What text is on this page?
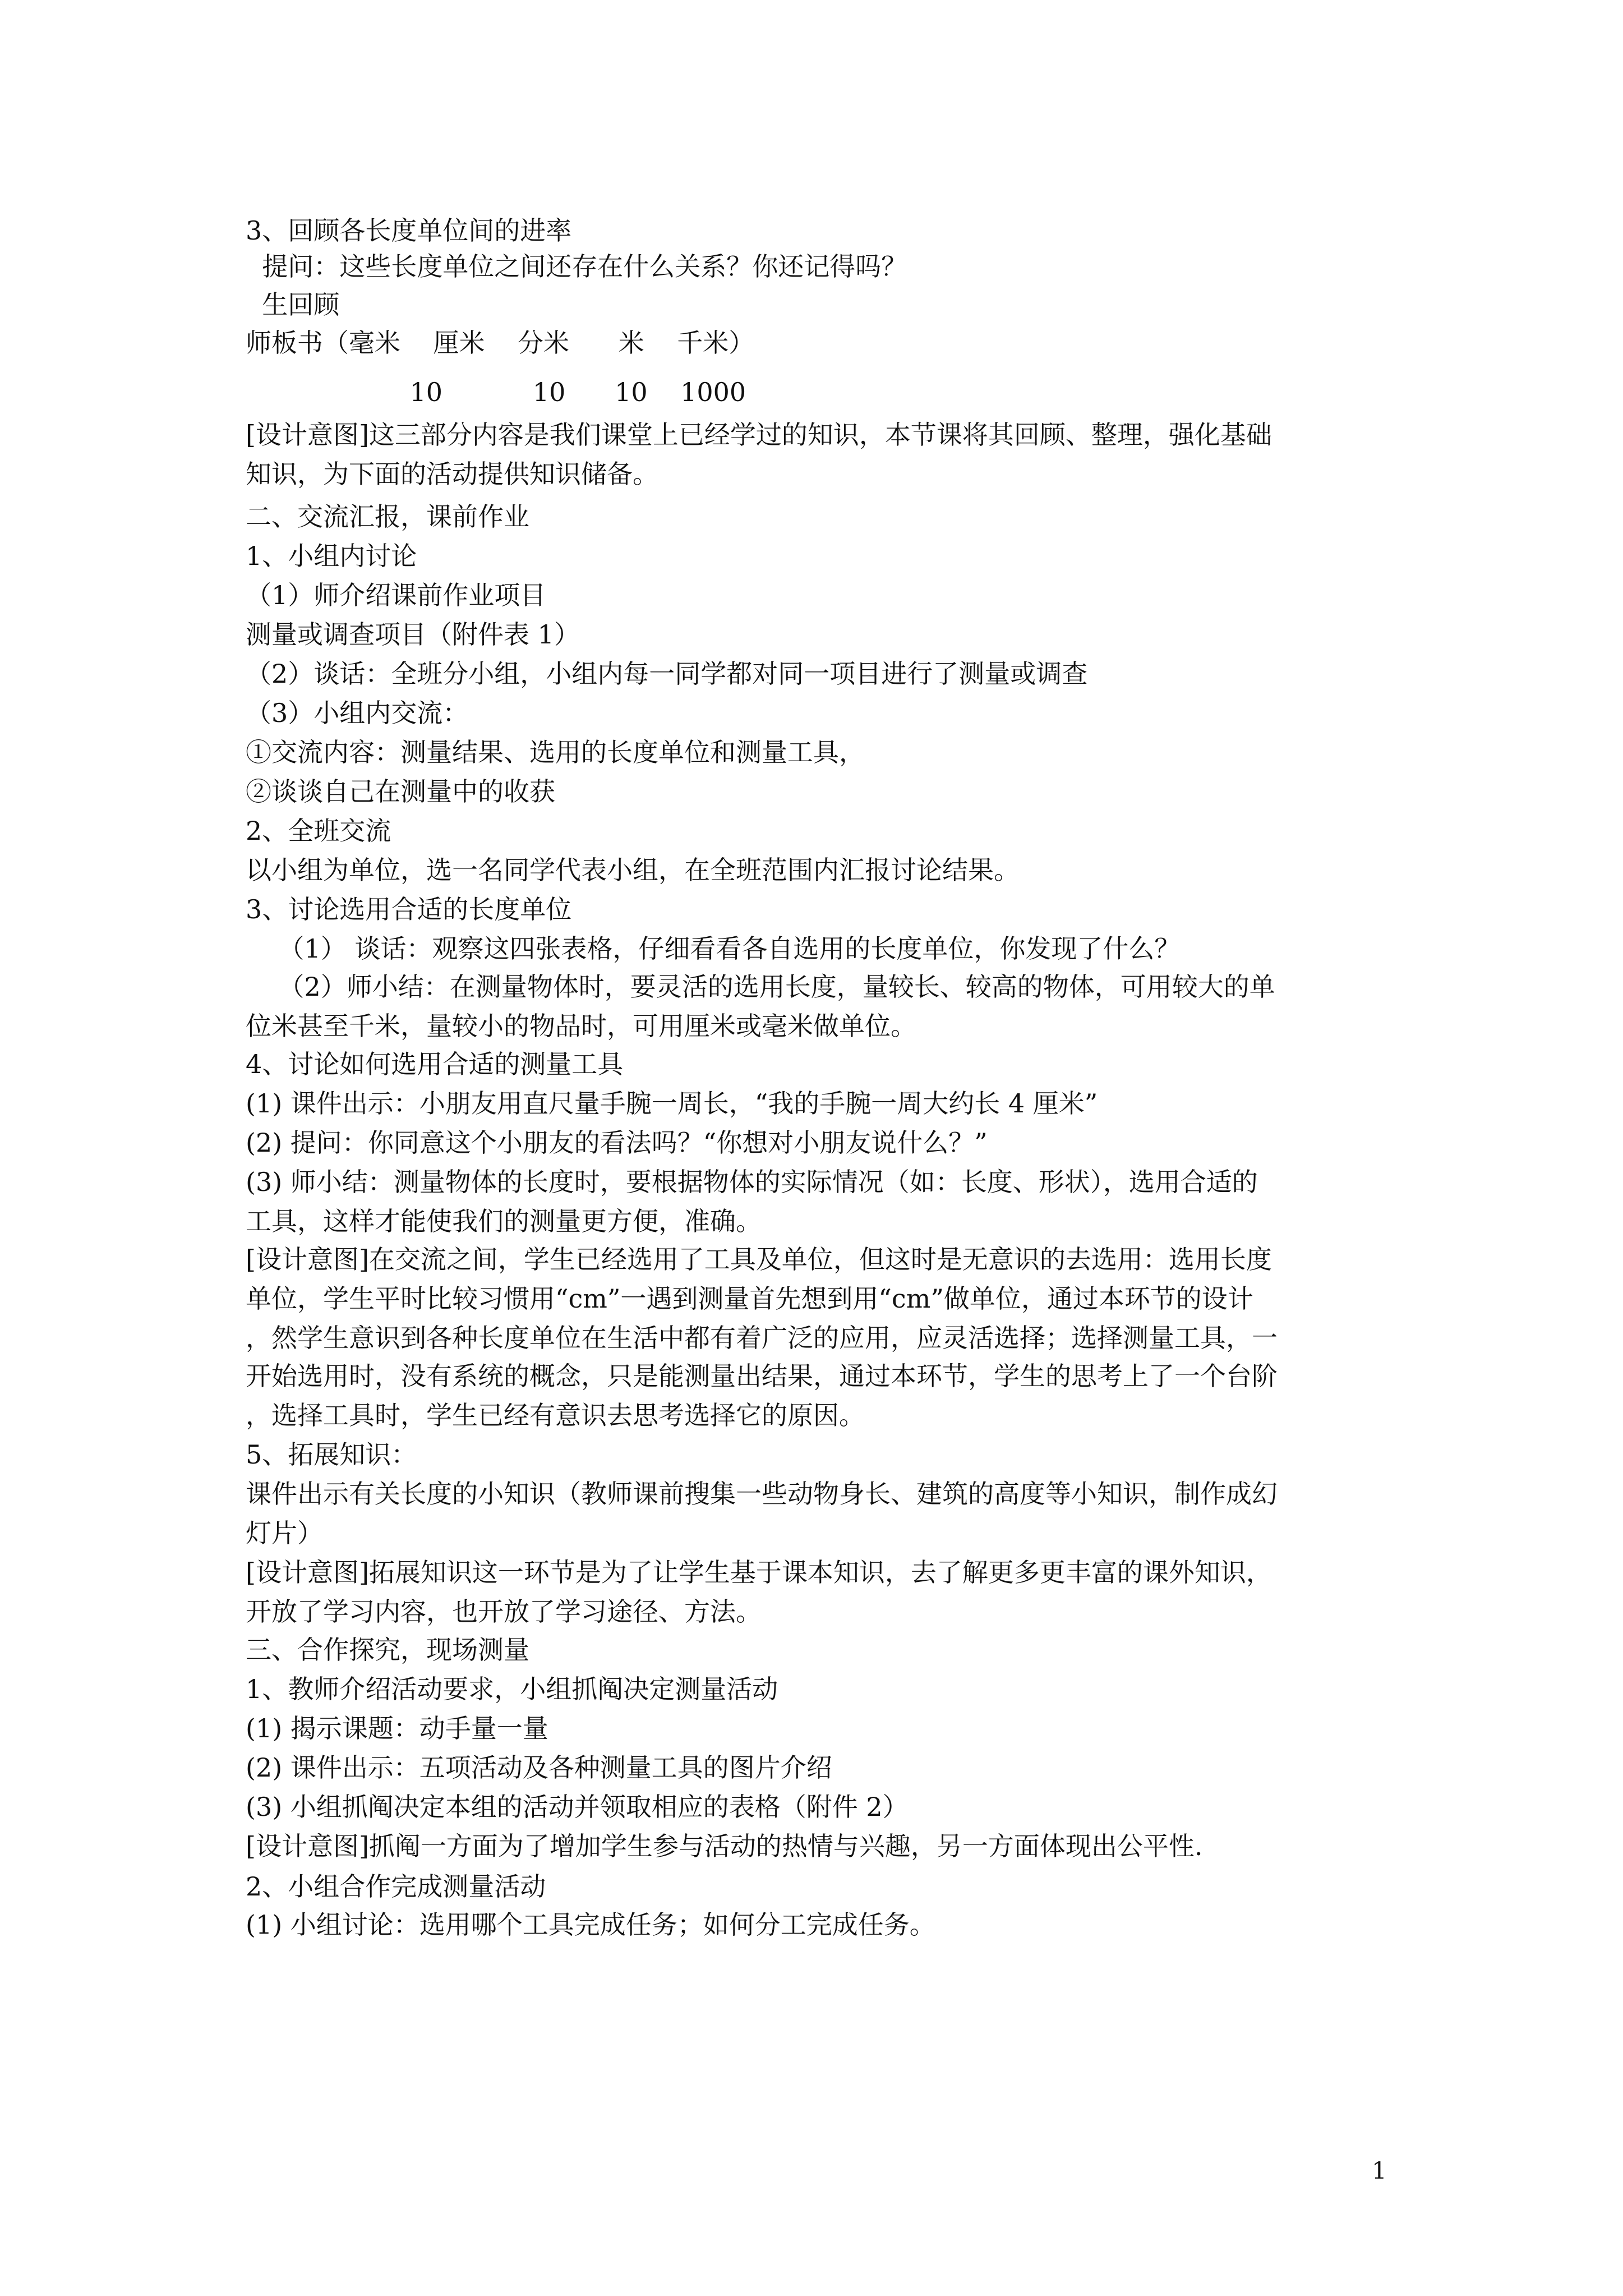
3、回顾各长度单位间的进率
提问：这些长度单位之间还存在什么关系？你还记得吗？
生回顾
师板书（毫米    厘米    分米      米    千米）
10           10      10    1000
[设计意图]这三部分内容是我们课堂上已经学过的知识，本节课将其回顾、整理，强化基础
知识，为下面的活动提供知识储备。
二、交流汇报，课前作业
1、小组内讨论
（1）师介绍课前作业项目
测量或调查项目（附件表 1）
（2）谈话：全班分小组，小组内每一同学都对同一项目进行了测量或调查
（3）小组内交流：
①交流内容：测量结果、选用的长度单位和测量工具，
②谈谈自己在测量中的收获
2、全班交流
以小组为单位，选一名同学代表小组，在全班范围内汇报讨论结果。
3、讨论选用合适的长度单位
（1） 谈话：观察这四张表格，仔细看看各自选用的长度单位，你发现了什么？
（2）师小结：在测量物体时，要灵活的选用长度，量较长、较高的物体，可用较大的单
位米甚至千米，量较小的物品时，可用厘米或毫米做单位。
4、讨论如何选用合适的测量工具
(1) 课件出示：小朋友用直尺量手腕一周长，“我的手腕一周大约长 4 厘米”
(2) 提问：你同意这个小朋友的看法吗？“你想对小朋友说什么？”
(3) 师小结：测量物体的长度时，要根据物体的实际情况（如：长度、形状），选用合适的
工具，这样才能使我们的测量更方便，准确。
[设计意图]在交流之间，学生已经选用了工具及单位，但这时是无意识的去选用：选用长度
单位，学生平时比较习惯用“cm”一遇到测量首先想到用“cm”做单位，通过本环节的设计
，然学生意识到各种长度单位在生活中都有着广泛的应用，应灵活选择；选择测量工具，一
开始选用时，没有系统的概念，只是能测量出结果，通过本环节，学生的思考上了一个台阶
，选择工具时，学生已经有意识去思考选择它的原因。
5、拓展知识：
课件出示有关长度的小知识（教师课前搜集一些动物身长、建筑的高度等小知识，制作成幻
灯片）
[设计意图]拓展知识这一环节是为了让学生基于课本知识，去了解更多更丰富的课外知识，
开放了学习内容，也开放了学习途径、方法。
三、合作探究，现场测量
1、教师介绍活动要求，小组抓阄决定测量活动
(1) 揭示课题：动手量一量
(2) 课件出示：五项活动及各种测量工具的图片介绍
(3) 小组抓阄决定本组的活动并领取相应的表格（附件 2）
[设计意图]抓阄一方面为了增加学生参与活动的热情与兴趣，另一方面体现出公平性.
2、小组合作完成测量活动
(1) 小组讨论：选用哪个工具完成任务；如何分工完成任务。
1
